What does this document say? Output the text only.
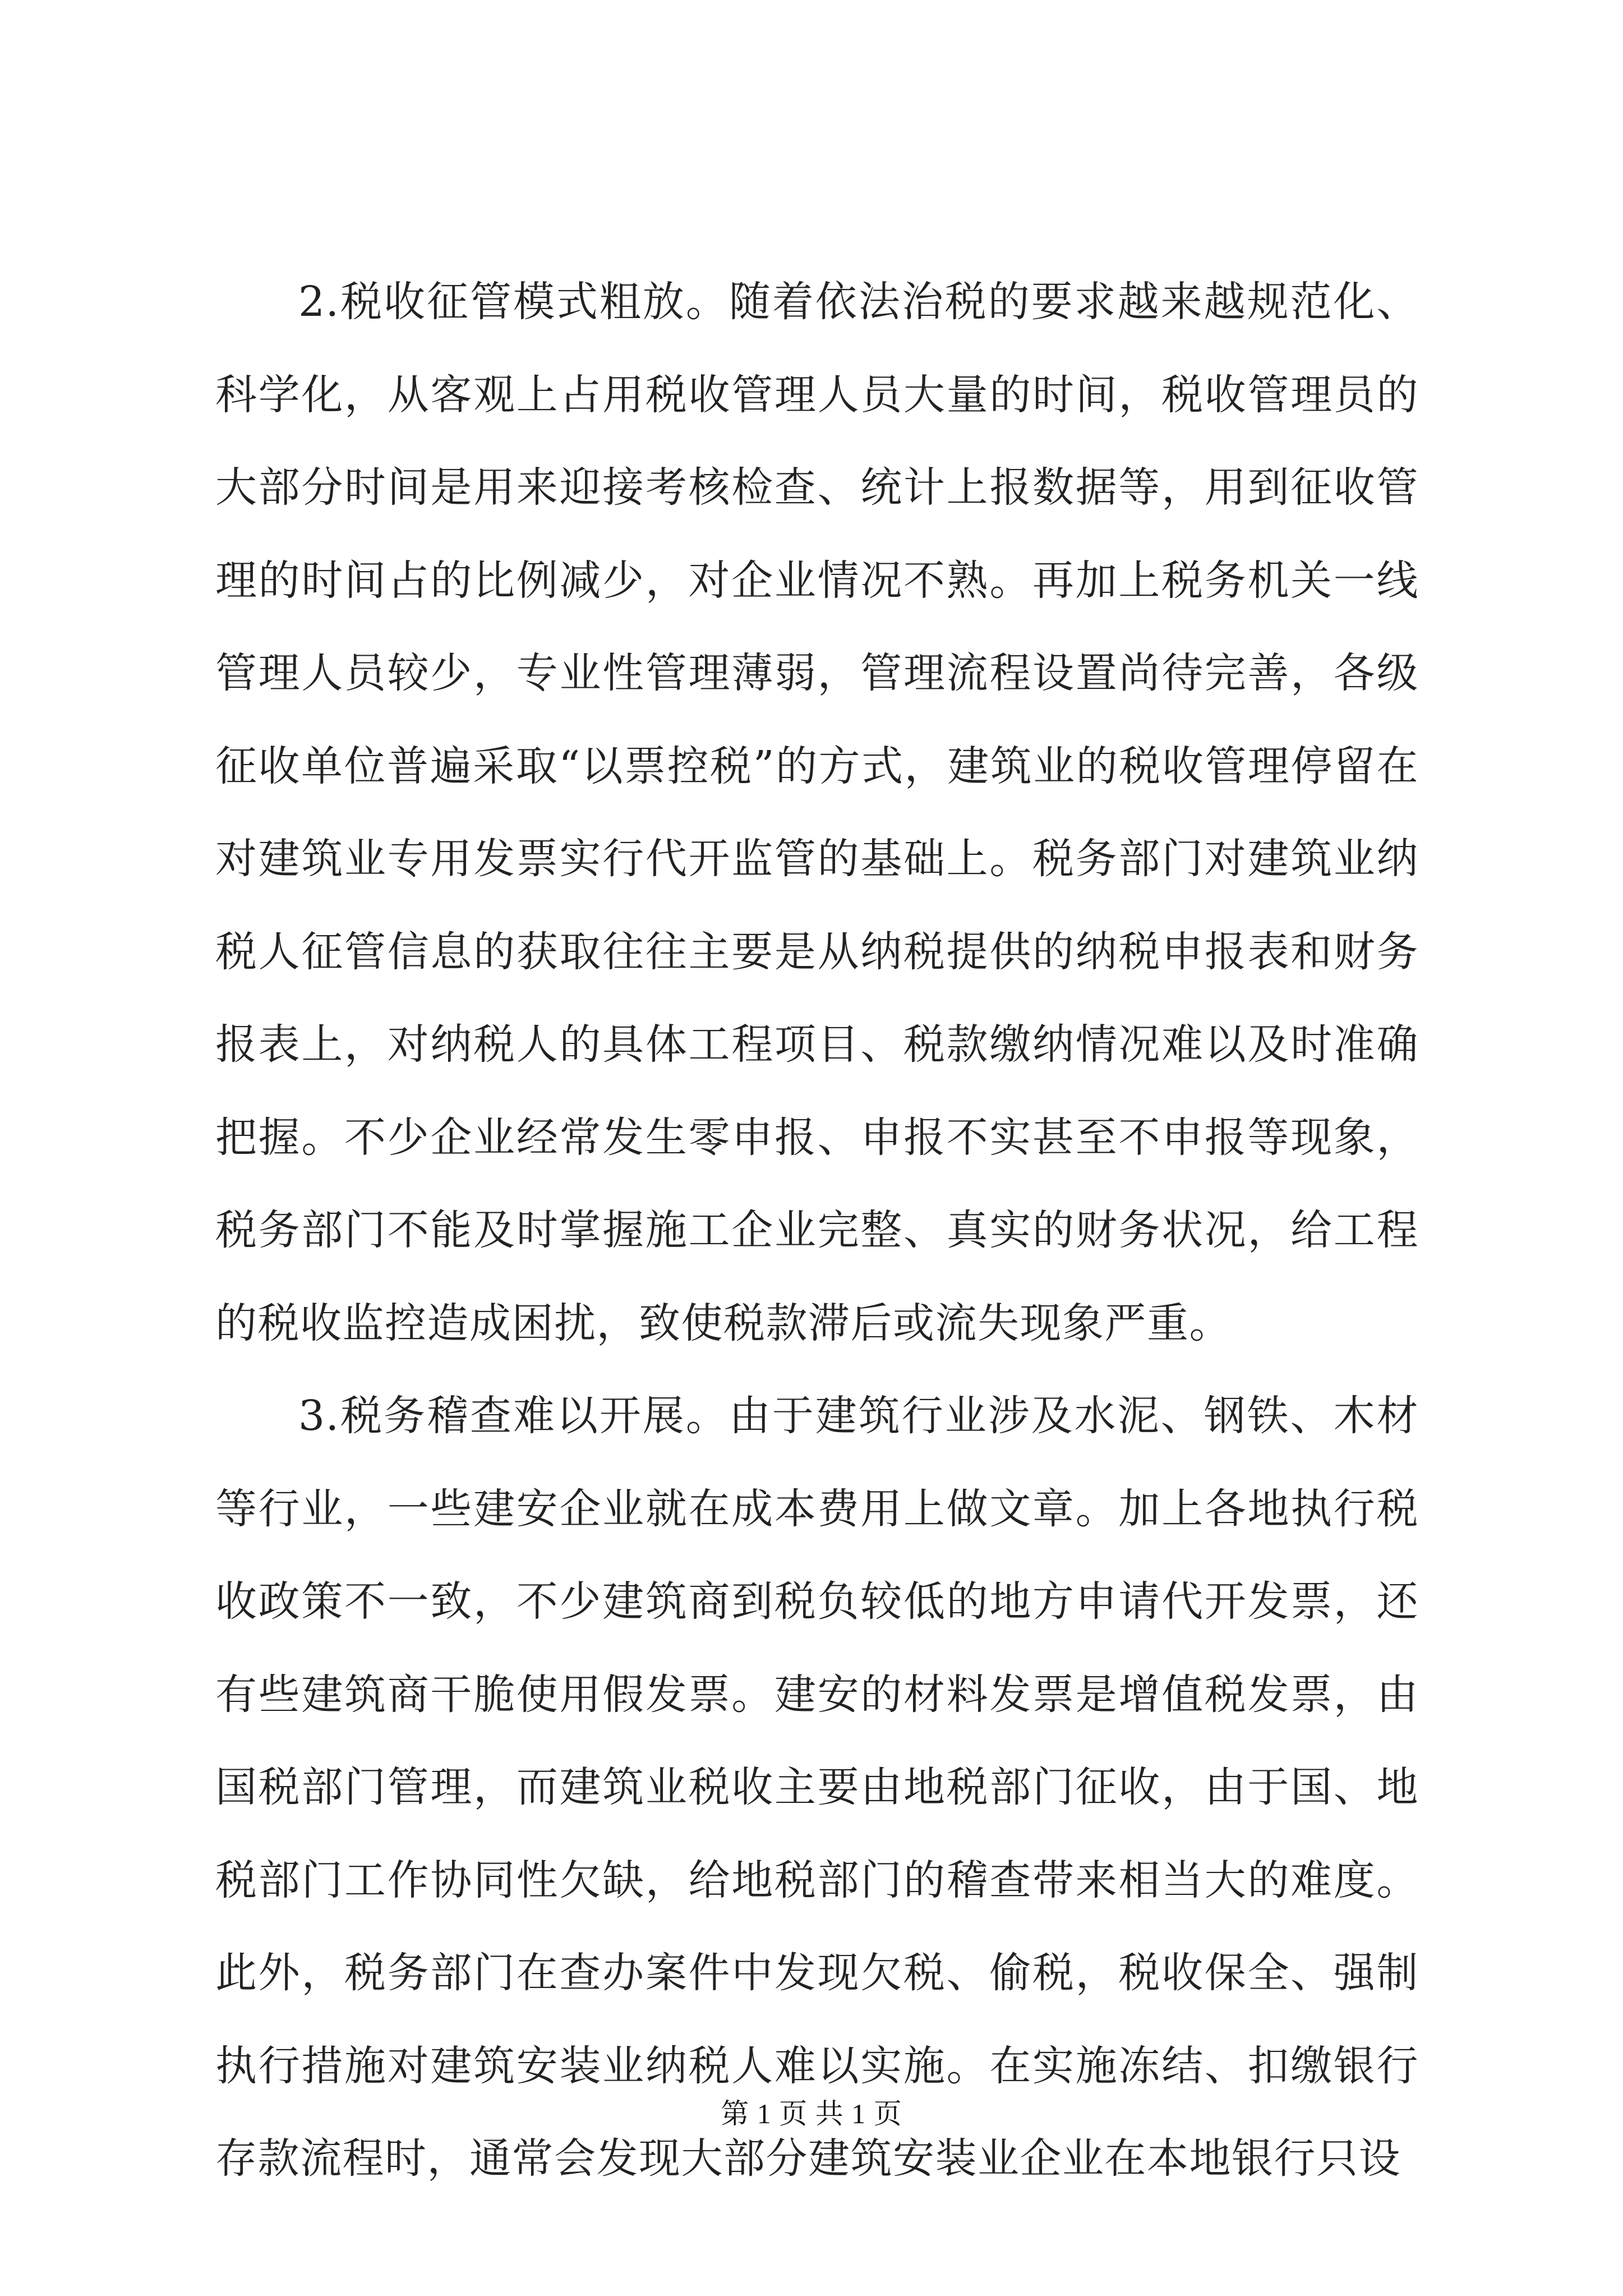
2.税收征管模式粗放。随着依法治税的要求越来越规范化、科学化，从客观上占用税收管理人员大量的时间，税收管理员的大部分时间是用来迎接考核检查、统计上报数据等，用到征收管理的时间占的比例减少，对企业情况不熟。再加上税务机关一线管理人员较少，专业性管理薄弱，管理流程设置尚待完善，各级征收单位普遍采取“以票控税”的方式，建筑业的税收管理停留在对建筑业专用发票实行代开监管的基础上。税务部门对建筑业纳税人征管信息的获取往往主要是从纳税提供的纳税申报表和财务报表上，对纳税人的具体工程项目、税款缴纳情况难以及时准确把握。不少企业经常发生零申报、申报不实甚至不申报等现象，税务部门不能及时掌握施工企业完整、真实的财务状况，给工程的税收监控造成困扰，致使税款滞后或流失现象严重。

3.税务稽查难以开展。由于建筑行业涉及水泥、钢铁、木材等行业，一些建安企业就在成本费用上做文章。加上各地执行税收政策不一致，不少建筑商到税负较低的地方申请代开发票，还有些建筑商干脆使用假发票。建安的材料发票是增值税发票，由国税部门管理，而建筑业税收主要由地税部门征收，由于国、地税部门工作协同性欠缺，给地税部门的稽查带来相当大的难度。此外，税务部门在查办案件中发现欠税、偷税，税收保全、强制执行措施对建筑安装业纳税人难以实施。在实施冻结、扣缴银行存款流程时，通常会发现大部分建筑安装业企业在本地银行只设

第 1 页 共 1 页
